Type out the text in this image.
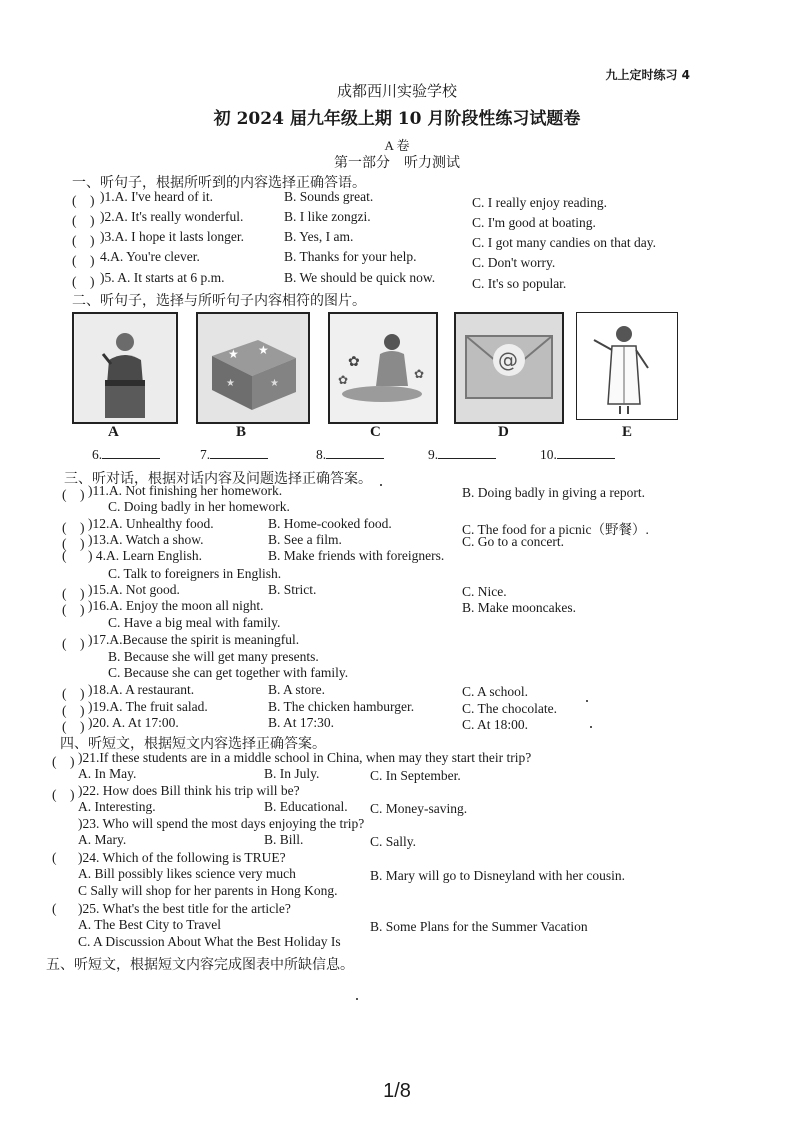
九上定时练习 4
成都西川实验学校
初 2024 届九年级上期 10 月阶段性练习试题卷
A 卷
第一部分　听力测试
一、听句子，根据所听到的内容选择正确答语。
(　) )1.A. I've heard of it.	B. Sounds great.	C. I really enjoy reading.
(　) )2.A. It's really wonderful.	B. I like zongzi.	C. I'm good at boating.
(　) )3.A. I hope it lasts longer.	B. Yes, I am.	C. I got many candies on that day.
(　) 4.A. You're clever.	B. Thanks for your help.	C. Don't worry.
(　) )5. A. It starts at 6 p.m.	B. We should be quick now.	C. It's so popular.
二、听句子，选择与所听句子内容相符的图片。
★ ★
★	★
✿
✿	✿
@
A	B	C	D	E
6.	7.	8.	9.	10.
三、听对话，根据对话内容及问题选择正确答案。
(　) )11.A. Not finishing her homework.	B. Doing badly in giving a report.
C. Doing badly in her homework.
(　) )12.A. Unhealthy food.	B. Home-cooked food.	C. The food for a picnic（野餐）.
(　) )13.A. Watch a show.	B. See a film.	C. Go to a concert.
( ) 4.A. Learn English.	B. Make friends with foreigners.
C. Talk to foreigners in English.
(　) )15.A. Not good.	B. Strict.	C. Nice.
(　) )16.A. Enjoy the moon all night.	B. Make mooncakes.
C. Have a big meal with family.
(　) )17.A.Because the spirit is meaningful.
B. Because she will get many presents.
C. Because she can get together with family.
(　) )18.A. A restaurant.	B. A store.	C. A school.
(　) )19.A. The fruit salad.	B. The chicken hamburger.	C. The chocolate.
(　) )20. A. At 17:00.	B. At 17:30.	C. At 18:00.
四、听短文，根据短文内容选择正确答案。
(　) )21.If these students are in a middle school in China, when may they start their trip?
A. In May.	B. In July.	C. In September.
(　) )22. How does Bill think his trip will be?
A. Interesting.	B. Educational. C. Money-saving.
)23. Who will spend the most days enjoying the trip?
A. Mary.	B. Bill.	C. Sally.
( )24. Which of the following is TRUE?
A. Bill possibly likes science very much	B. Mary will go to Disneyland with her cousin.
C Sally will shop for her parents in Hong Kong.
( )25. What's the best title for the article?
A. The Best City to Travel	B. Some Plans for the Summer Vacation
C. A Discussion About What the Best Holiday Is
五、听短文，根据短文内容完成图表中所缺信息。
1/8
